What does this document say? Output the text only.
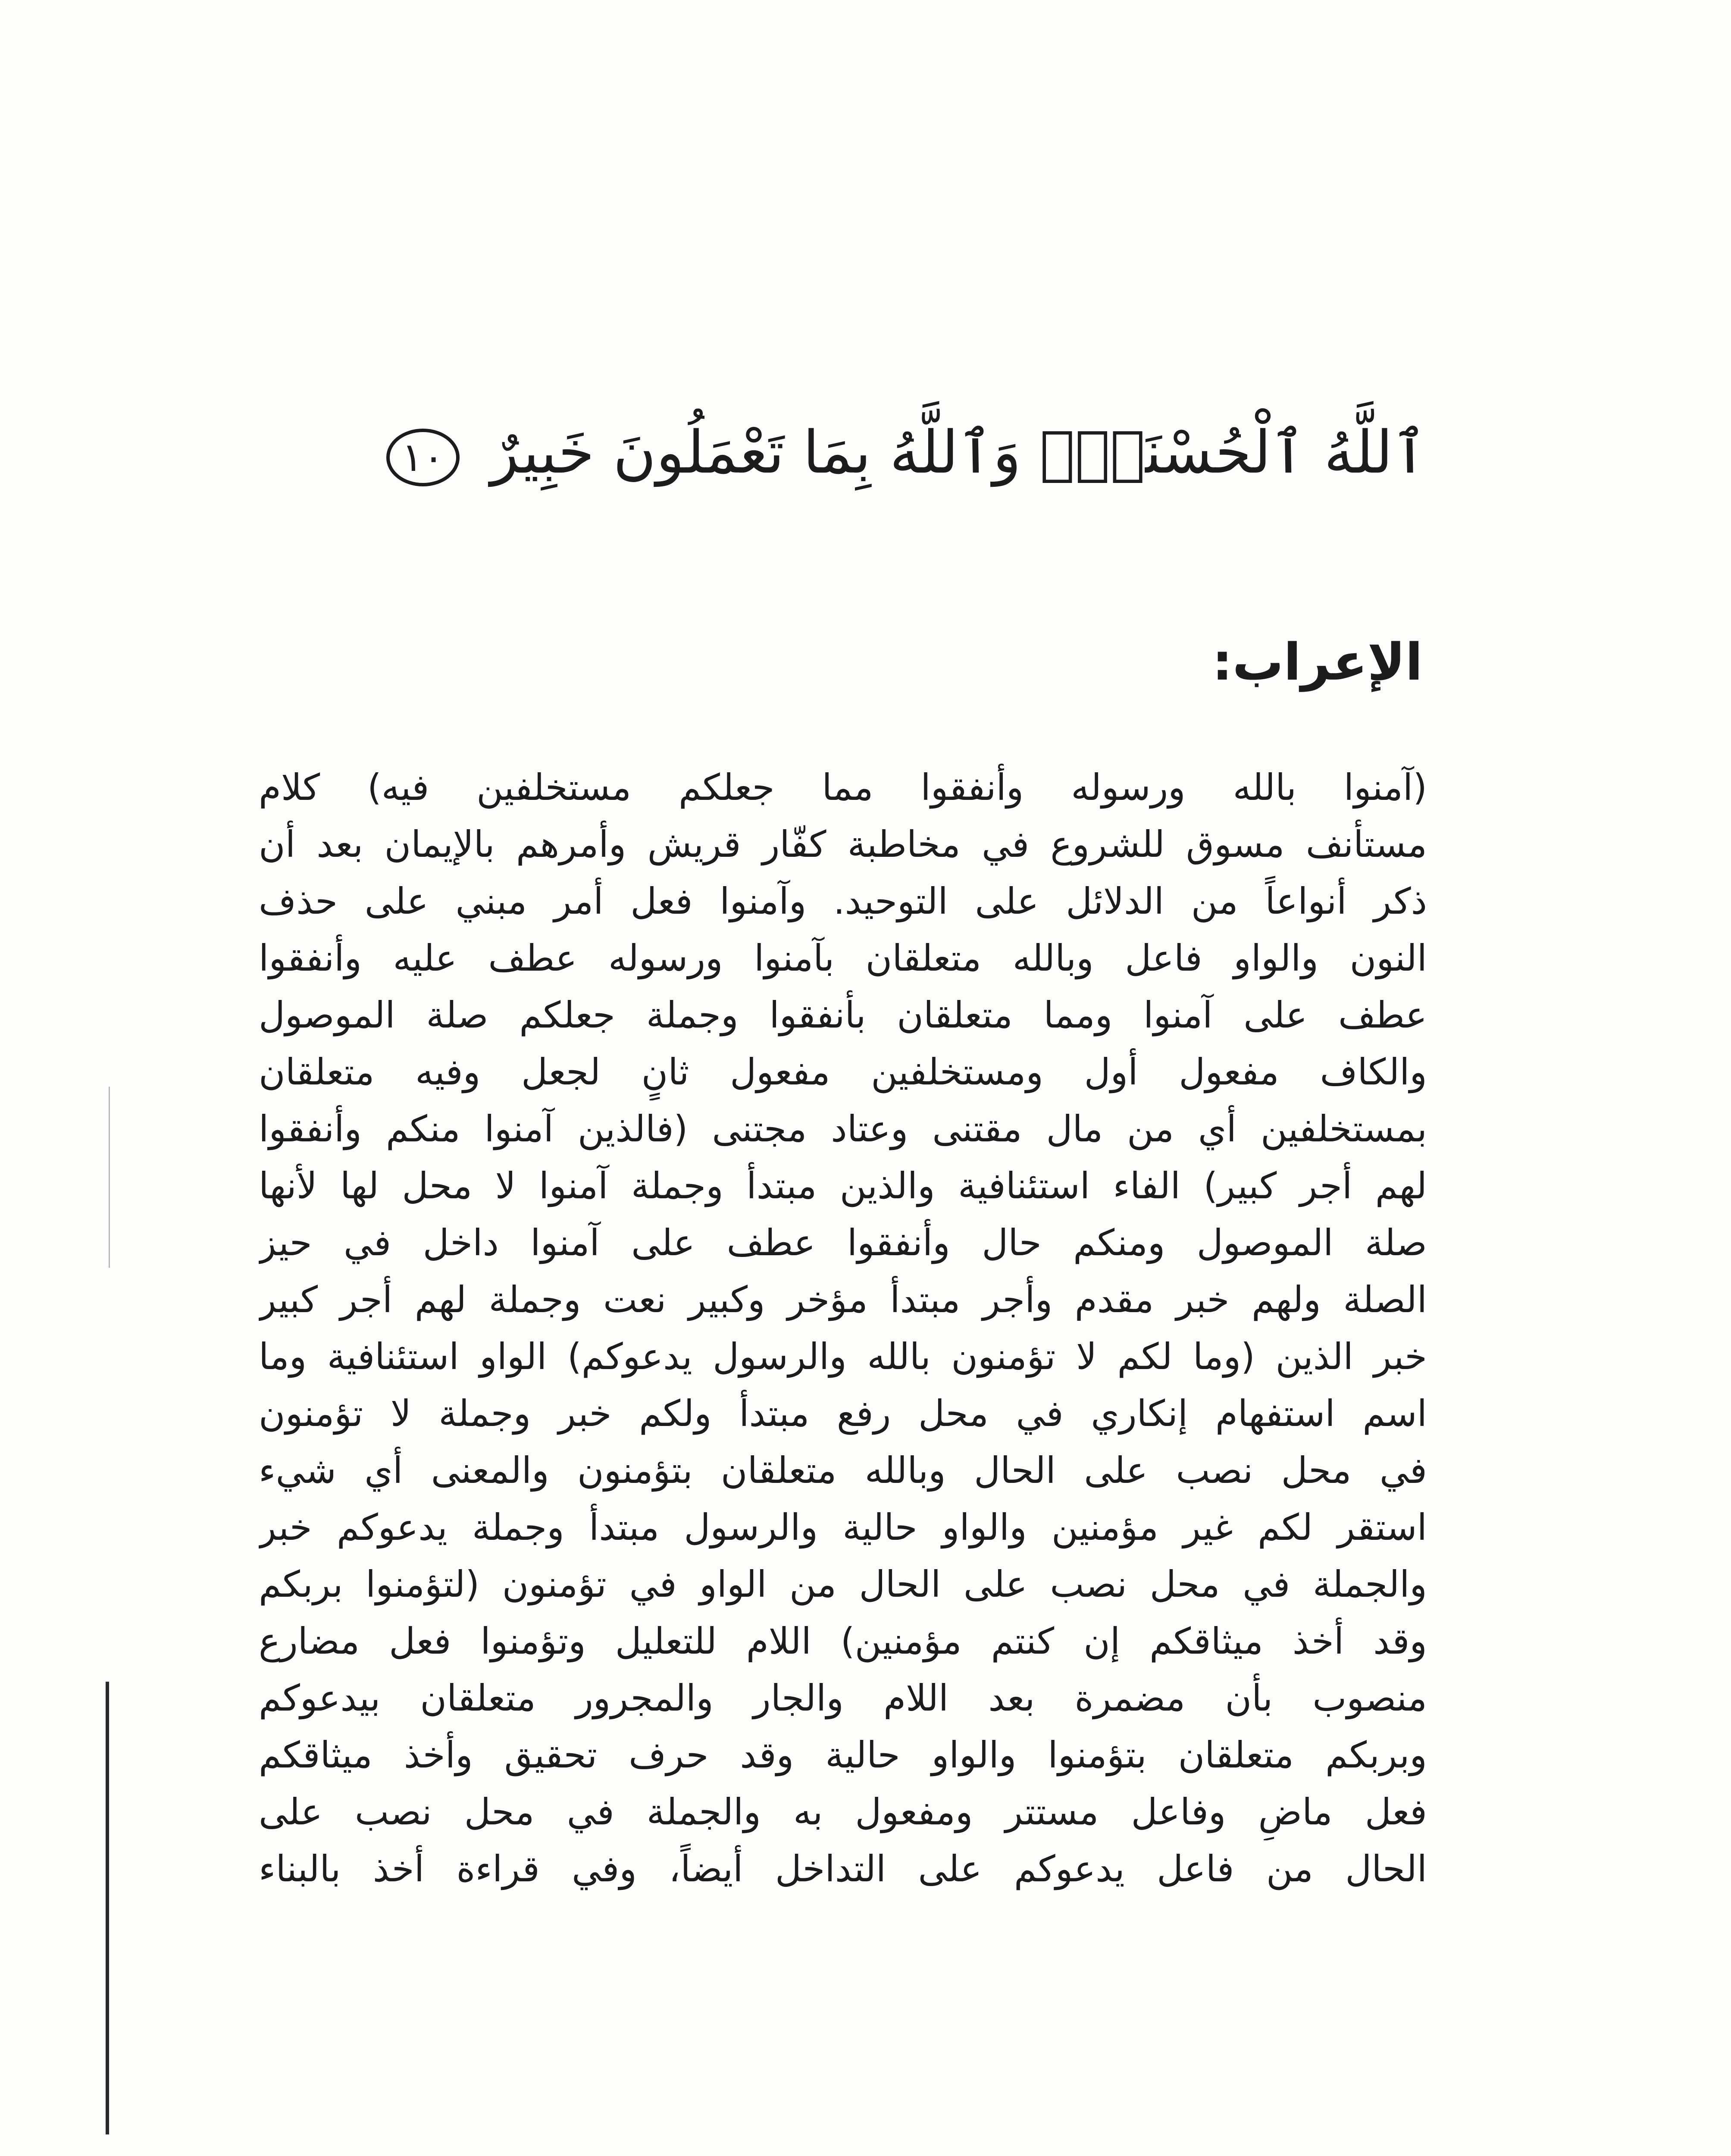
ٱللَّهُ ٱلْحُسْنَىٰۚ وَٱللَّهُ بِمَا تَعْمَلُونَ خَبِيرٌ ١٠
الإعراب:
(آمنوا بالله ورسوله وأنفقوا مما جعلكم مستخلفين فيه) كلام
مستأنف مسوق للشروع في مخاطبة كفّار قريش وأمرهم بالإيمان بعد أن
ذكر أنواعاً من الدلائل على التوحيد. وآمنوا فعل أمر مبني على حذف
النون والواو فاعل وبالله متعلقان بآمنوا ورسوله عطف عليه وأنفقوا
عطف على آمنوا ومما متعلقان بأنفقوا وجملة جعلكم صلة الموصول
والكاف مفعول أول ومستخلفين مفعول ثانٍ لجعل وفيه متعلقان
بمستخلفين أي من مال مقتنى وعتاد مجتنى (فالذين آمنوا منكم وأنفقوا
لهم أجر كبير) الفاء استئنافية والذين مبتدأ وجملة آمنوا لا محل لها لأنها
صلة الموصول ومنكم حال وأنفقوا عطف على آمنوا داخل في حيز
الصلة ولهم خبر مقدم وأجر مبتدأ مؤخر وكبير نعت وجملة لهم أجر كبير
خبر الذين (وما لكم لا تؤمنون بالله والرسول يدعوكم) الواو استئنافية وما
اسم استفهام إنكاري في محل رفع مبتدأ ولكم خبر وجملة لا تؤمنون
في محل نصب على الحال وبالله متعلقان بتؤمنون والمعنى أي شيء
استقر لكم غير مؤمنين والواو حالية والرسول مبتدأ وجملة يدعوكم خبر
والجملة في محل نصب على الحال من الواو في تؤمنون (لتؤمنوا بربكم
وقد أخذ ميثاقكم إن كنتم مؤمنين) اللام للتعليل وتؤمنوا فعل مضارع
منصوب بأن مضمرة بعد اللام والجار والمجرور متعلقان بيدعوكم
وبربكم متعلقان بتؤمنوا والواو حالية وقد حرف تحقيق وأخذ ميثاقكم
فعل ماضٍ وفاعل مستتر ومفعول به والجملة في محل نصب على
الحال من فاعل يدعوكم على التداخل أيضاً، وفي قراءة أخذ بالبناء
